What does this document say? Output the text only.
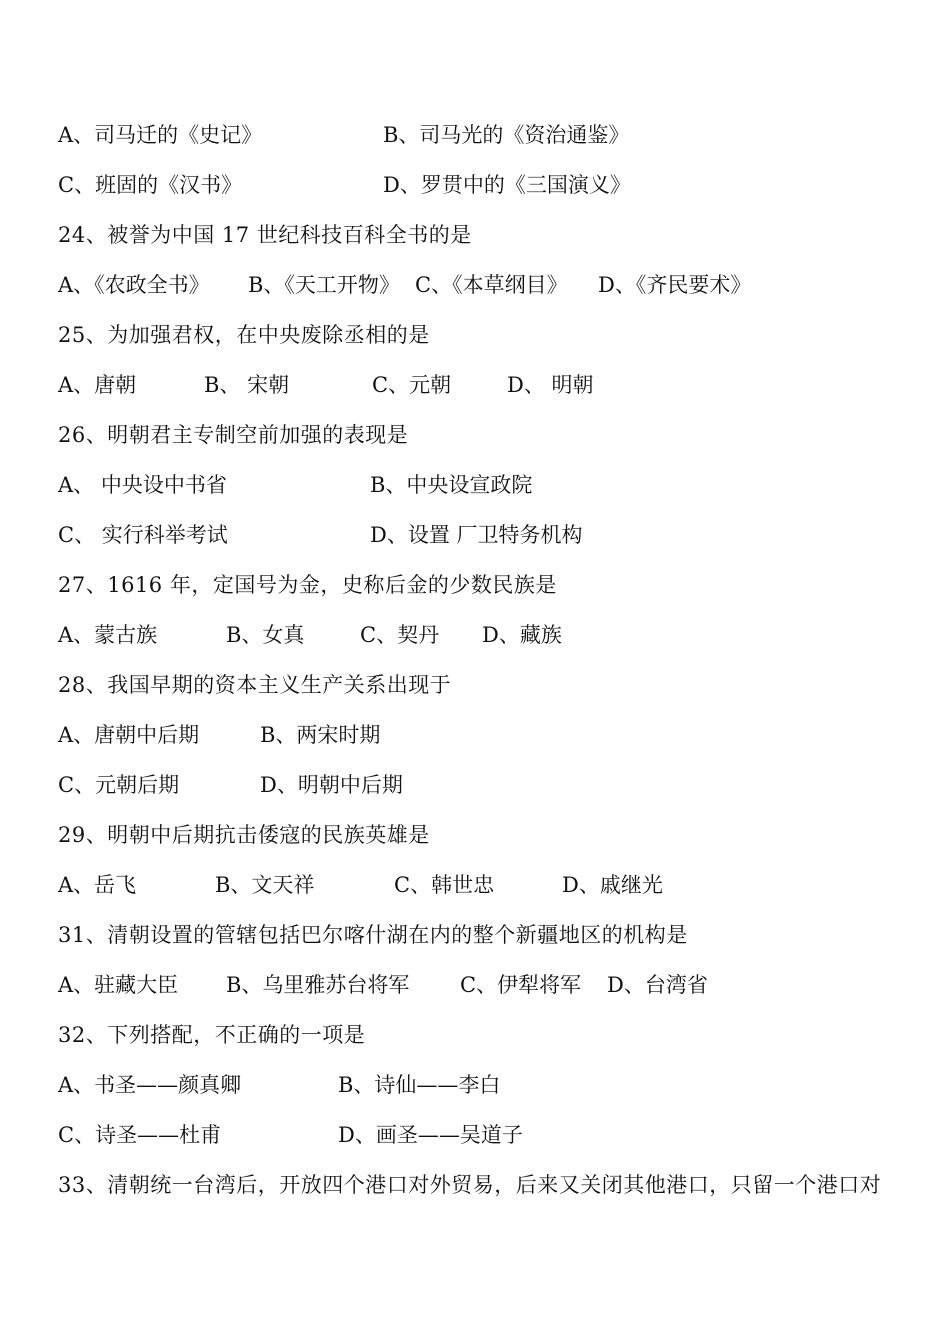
A、司马迁的《史记》	B、司马光的《资治通鉴》
C、班固的《汉书》	D、罗贯中的《三国演义》
24、被誉为中国 17 世纪科技百科全书的是
A、《农政全书》 B、《天工开物》 C、《本草纲目》 D、《齐民要术》
25、为加强君权，在中央废除丞相的是
A、唐朝	B、 宋朝	C、元朝	D、 明朝
26、明朝君主专制空前加强的表现是
A、 中央设中书省	B、中央设宣政院
C、 实行科举考试	D、设置 厂卫特务机构
27、1616 年，定国号为金，史称后金的少数民族是
A、蒙古族	B、女真	C、契丹 D、藏族
28、我国早期的资本主义生产关系出现于
A、唐朝中后期	B、两宋时期
C、元朝后期	D、明朝中后期
29、明朝中后期抗击倭寇的民族英雄是
A、岳飞	B、文天祥	C、韩世忠	D、戚继光
31、清朝设置的管辖包括巴尔喀什湖在内的整个新疆地区的机构是
A、驻藏大臣 B、乌里雅苏台将军 C、伊犁将军 D、台湾省
32、下列搭配，不正确的一项是
A、书圣——颜真卿	B、诗仙——李白
C、诗圣——杜甫	D、画圣——吴道子
33、清朝统一台湾后，开放四个港口对外贸易，后来又关闭其他港口，只留一个港口对
